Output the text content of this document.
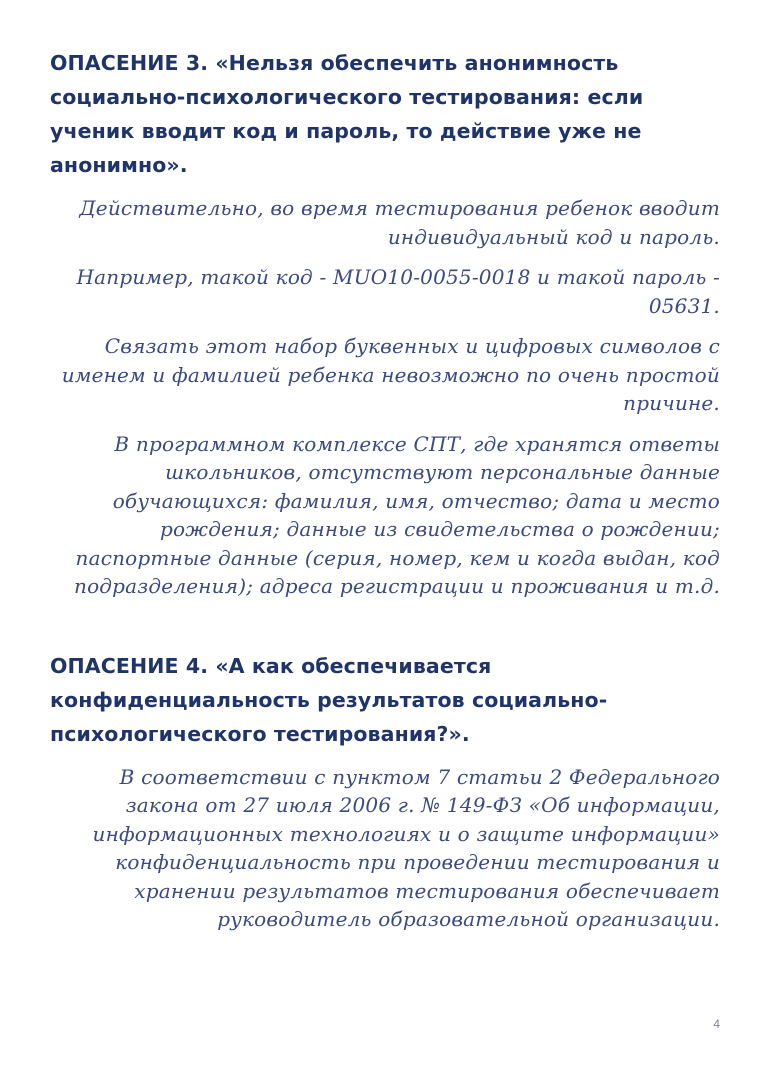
ОПАСЕНИЕ 3. «Нельзя обеспечить анонимность социально-психологического тестирования: если ученик вводит код и пароль, то действие уже не анонимно».

Действительно, во время тестирования ребенок вводит индивидуальный код и пароль.

Например, такой код - MUO10-0055-0018 и такой пароль - 05631.

Связать этот набор буквенных и цифровых символов с именем и фамилией ребенка невозможно по очень простой причине.

В программном комплексе СПТ, где хранятся ответы школьников, отсутствуют персональные данные обучающихся: фамилия, имя, отчество; дата и место рождения; данные из свидетельства о рождении; паспортные данные (серия, номер, кем и когда выдан, код подразделения); адреса регистрации и проживания и т.д.

ОПАСЕНИЕ 4. «А как обеспечивается конфиденциальность результатов социально-психологического тестирования?».

В соответствии с пунктом 7 статьи 2 Федерального закона от 27 июля 2006 г. № 149-ФЗ «Об информации, информационных технологиях и о защите информации» конфиденциальность при проведении тестирования и хранении результатов тестирования обеспечивает руководитель образовательной организации.

4
